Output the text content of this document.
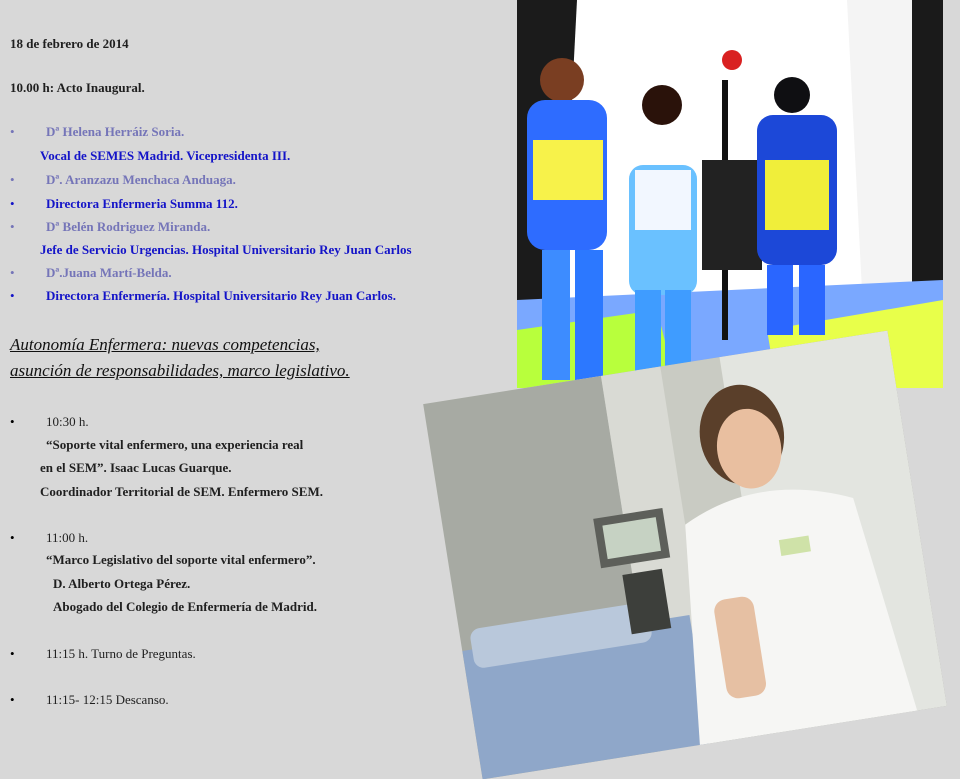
18 de febrero de 2014
10.00 h: Acto Inaugural.
• Dª Helena Herráiz Soria.
Vocal de SEMES Madrid. Vicepresidenta III.
• Dª. Aranzazu Menchaca Anduaga.
• Directora Enfermeria Summa 112.
• Dª Belén Rodriguez Miranda.
Jefe de Servicio Urgencias. Hospital Universitario Rey Juan Carlos
• Dª.Juana Martí-Belda.
• Directora Enfermería. Hospital Universitario Rey Juan Carlos.
Autonomía Enfermera: nuevas competencias,
asunción de responsabilidades, marco legislativo.
• 10:30 h.
“Soporte vital enfermero, una experiencia real
en el SEM”. Isaac Lucas Guarque.
Coordinador Territorial de SEM. Enfermero SEM.
• 11:00 h.
“Marco Legislativo del soporte vital enfermero”.
D. Alberto Ortega Pérez.
Abogado del Colegio de Enfermería de Madrid.
• 11:15 h. Turno de Preguntas.
• 11:15- 12:15 Descanso.
